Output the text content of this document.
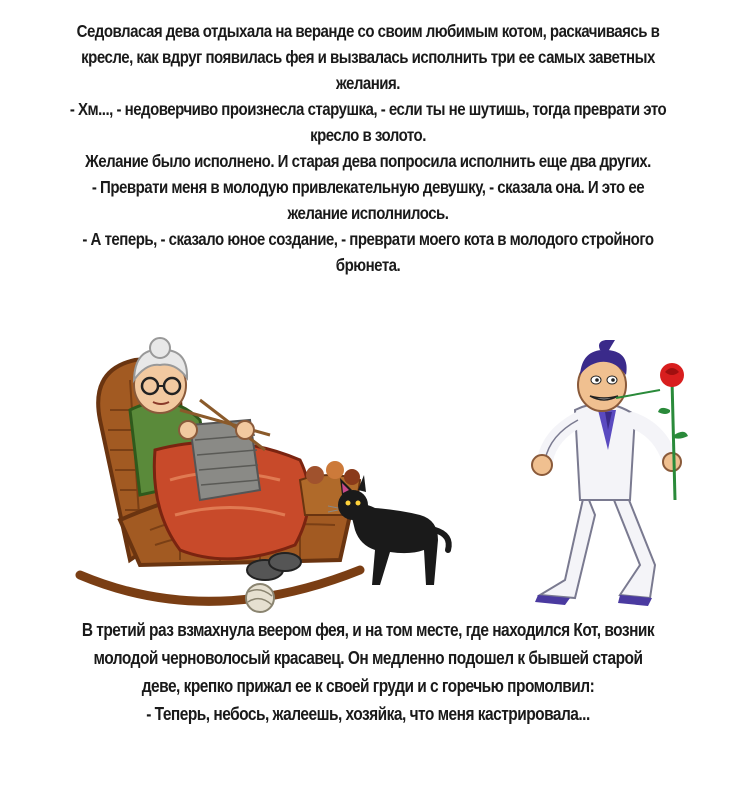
Седовласая дева отдыхала на веранде со своим любимым котом, раскачиваясь в кресле, как вдруг появилась фея и вызвалась исполнить три ее самых заветных желания.

- Хм..., - недоверчиво произнесла старушка, - если ты не шутишь, тогда преврати это кресло в золото.

Желание было исполнено. И старая дева попросила исполнить еще два других.

- Преврати меня в молодую привлекательную девушку, - сказала она. И это ее желание исполнилось.

- А теперь, - сказало юное создание, - преврати моего кота в молодого стройного брюнета.

В третий раз взмахнула веером фея, и на том месте, где находился Кот, возник молодой черноволосый красавец. Он медленно подошел к бывшей старой деве, крепко прижал ее к своей груди и с горечью промолвил:

- Теперь, небось, жалеешь, хозяйка, что меня кастрировала...
